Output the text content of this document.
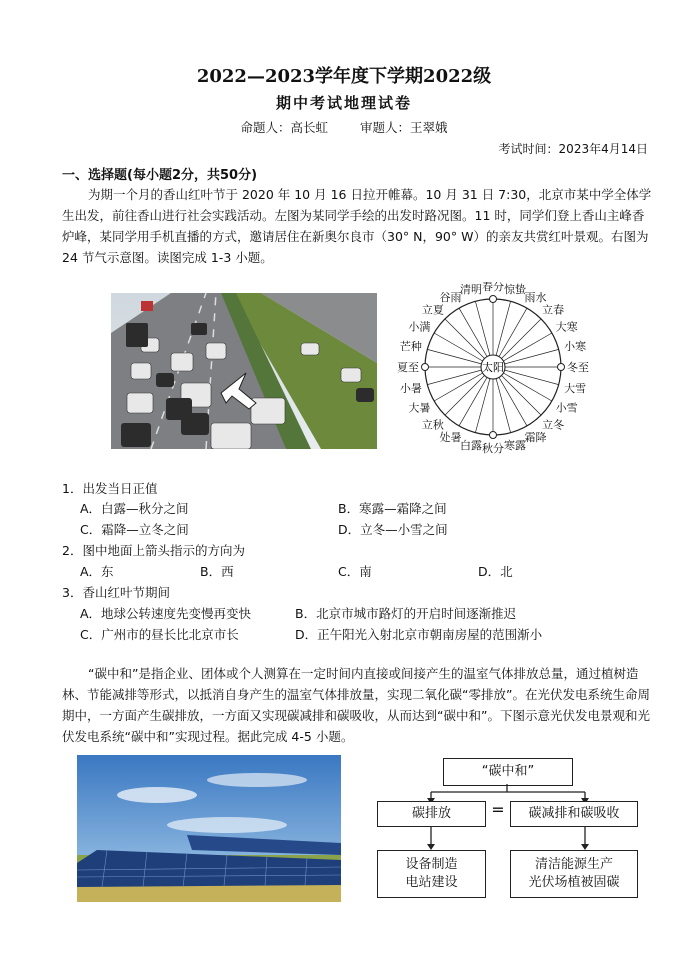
2022—2023学年度下学期2022级
期中考试地理试卷
命题人：高长虹	审题人：王翠娥
考试时间：2023年4月14日
一、选择题(每小题2分，共50分)

为期一个月的香山红叶节于 2020 年 10 月 16 日拉开帷幕。10 月 31 日 7:30，北京市某中学全体学生出发，前往香山进行社会实践活动。左图为某同学手绘的出发时路况图。11 时，同学们登上香山主峰香炉峰，某同学用手机直播的方式，邀请居住在新奥尔良市（30° N，90° W）的亲友共赏红叶景观。右图为 24 节气示意图。读图完成 1-3 小题。

春分 惊蛰
雨水
立春
大寒
小寒
冬至
大雪
小雪
立冬
霜降
寒露
秋分
白露
处暑
立秋
大暑
小暑
夏至
芒种
小满
立夏
谷雨
清明
太阳
1．出发当日正值
A．白露—秋分之间	B．寒露—霜降之间
C．霜降—立冬之间	D．立冬—小雪之间
2．图中地面上箭头指示的方向为
A．东	B．西	C．南	D．北
3．香山红叶节期间
A．地球公转速度先变慢再变快	B．北京市城市路灯的开启时间逐渐推迟
C．广州市的昼长比北京市长	D．正午阳光入射北京市朝南房屋的范围渐小

“碳中和”是指企业、团体或个人测算在一定时间内直接或间接产生的温室气体排放总量，通过植树造林、节能减排等形式，以抵消自身产生的温室气体排放量，实现二氧化碳“零排放”。在光伏发电系统生命周期中，一方面产生碳排放，一方面又实现碳减排和碳吸收，从而达到“碳中和”。下图示意光伏发电景观和光伏发电系统“碳中和”实现过程。据此完成 4-5 小题。

“碳中和”
碳排放	=	碳减排和碳吸收
设备制造
电站建设
清洁能源生产
光伏场植被固碳
